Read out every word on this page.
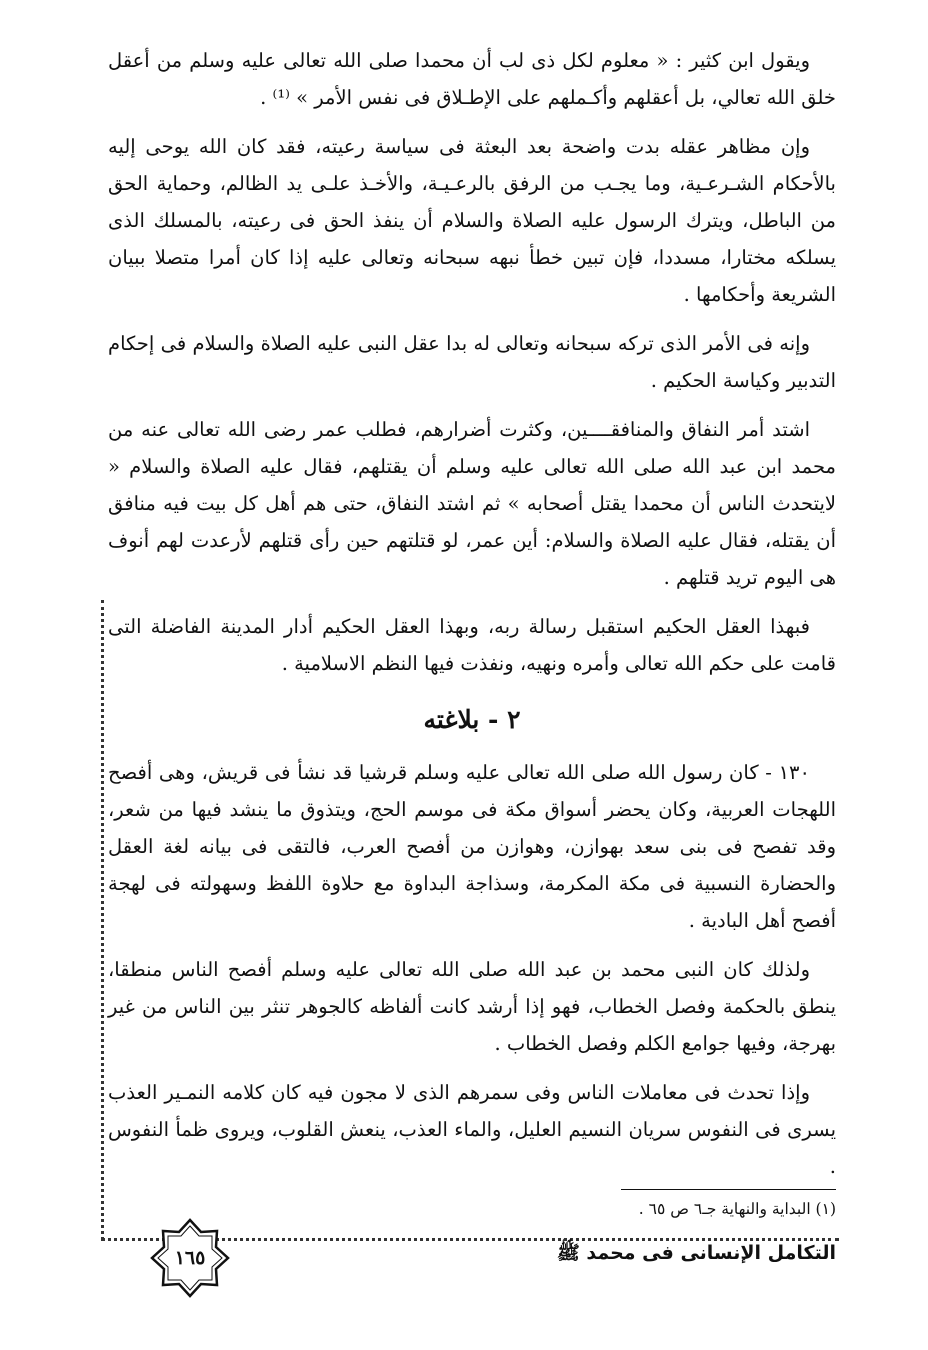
ويقول ابن كثير : « معلوم لكل ذى لب أن محمدا صلى الله تعالى عليه وسلم من أعقل خلق الله تعالي، بل أعقلهم وأكـملهم على الإطـلاق فى نفس الأمر » ⁽¹⁾ .

وإن مظاهر عقله بدت واضحة بعد البعثة فى سياسة رعيته، فقد كان الله يوحى إليه بالأحكام الشـرعـية، وما يجـب من الرفق بالرعـيـة، والأخـذ علـى يد الظالم، وحماية الحق من الباطل، ويترك الرسول عليه الصلاة والسلام أن ينفذ الحق فى رعيته، بالمسلك الذى يسلكه مختارا، مسددا، فإن تبين خطأ نبهه سبحانه وتعالى عليه إذا كان أمرا متصلا ببيان الشريعة وأحكامها .

وإنه فى الأمر الذى تركه سبحانه وتعالى له بدا عقل النبى عليه الصلاة والسلام فى إحكام التدبير وكياسة الحكيم .

اشتد أمر النفاق والمنافقــــين، وكثرت أضرارهم، فطلب عمر رضى الله تعالى عنه من محمد ابن عبد الله صلى الله تعالى عليه وسلم أن يقتلهم، فقال عليه الصلاة والسلام « لايتحدث الناس أن محمدا يقتل أصحابه » ثم اشتد النفاق، حتى هم أهل كل بيت فيه منافق أن يقتله، فقال عليه الصلاة والسلام: أين عمر، لو قتلتهم حين رأى قتلهم لأرعدت لهم أنوف هى اليوم تريد قتلهم .

فبهذا العقل الحكيم استقبل رسالة ربه، وبهذا العقل الحكيم أدار المدينة الفاضلة التى قامت على حكم الله تعالى وأمره ونهيه، ونفذت فيها النظم الاسلامية .

٢ - بلاغته

١٣٠ - كان رسول الله صلى الله تعالى عليه وسلم قرشيا قد نشأ فى قريش، وهى أفصح اللهجات العربية، وكان يحضر أسواق مكة فى موسم الحج، ويتذوق ما ينشد فيها من شعر، وقد تفصح فى بنى سعد بهوازن، وهوازن من أفصح العرب، فالتقى فى بيانه لغة العقل والحضارة النسبية فى مكة المكرمة، وسذاجة البداوة مع حلاوة اللفظ وسهولته فى لهجة أفصح أهل البادية .

ولذلك كان النبى محمد بن عبد الله صلى الله تعالى عليه وسلم أفصح الناس منطقا، ينطق بالحكمة وفصل الخطاب، فهو إذا أرشد كانت ألفاظه كالجوهر تنثر بين الناس من غير بهرجة، وفيها جوامع الكلم وفصل الخطاب .

وإذا تحدث فى معاملات الناس وفى سمرهم الذى لا مجون فيه كان كلامه النمـير العذب يسرى فى النفوس سريان النسيم العليل، والماء العذب، ينعش القلوب، ويروى ظمأ النفوس .

(١) البداية والنهاية جـ٦ ص ٦٥ .
التكامل الإنسانى فى محمد ﷺ
١٦٥
